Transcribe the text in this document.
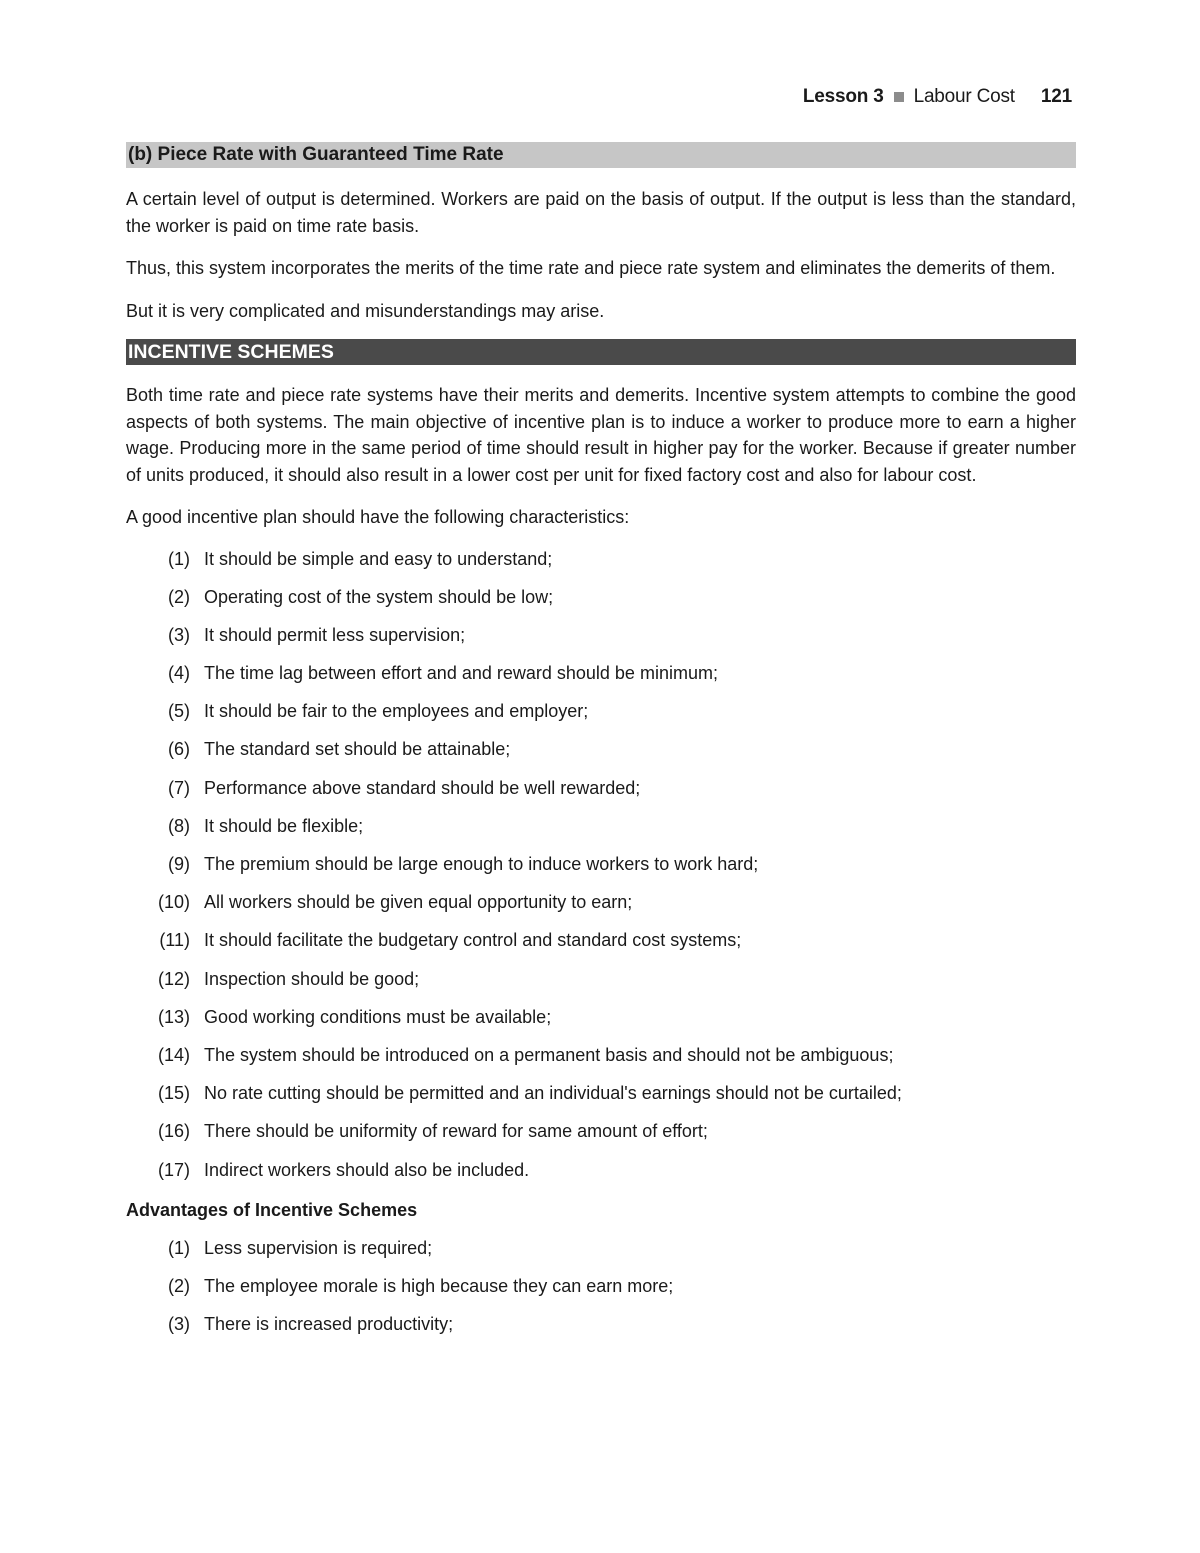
Lesson 3 Labour Cost 121
(b) Piece Rate with Guaranteed Time Rate

A certain level of output is determined. Workers are paid on the basis of output. If the output is less than the standard, the worker is paid on time rate basis.

Thus, this system incorporates the merits of the time rate and piece rate system and eliminates the demerits of them.

But it is very complicated and misunderstandings may arise.

INCENTIVE SCHEMES

Both time rate and piece rate systems have their merits and demerits. Incentive system attempts to combine the good aspects of both systems. The main objective of incentive plan is to induce a worker to produce more to earn a higher wage. Producing more in the same period of time should result in higher pay for the worker. Because if greater number of units produced, it should also result in a lower cost per unit for fixed factory cost and also for labour cost.

A good incentive plan should have the following characteristics:

(1) It should be simple and easy to understand;
(2) Operating cost of the system should be low;
(3) It should permit less supervision;
(4) The time lag between effort and and reward should be minimum;
(5) It should be fair to the employees and employer;
(6) The standard set should be attainable;
(7) Performance above standard should be well rewarded;
(8) It should be flexible;
(9) The premium should be large enough to induce workers to work hard;
(10) All workers should be given equal opportunity to earn;
(11) It should facilitate the budgetary control and standard cost systems;
(12) Inspection should be good;
(13) Good working conditions must be available;
(14) The system should be introduced on a permanent basis and should not be ambiguous;
(15) No rate cutting should be permitted and an individual's earnings should not be curtailed;
(16) There should be uniformity of reward for same amount of effort;
(17) Indirect workers should also be included.
Advantages of Incentive Schemes
(1) Less supervision is required;
(2) The employee morale is high because they can earn more;
(3) There is increased productivity;
